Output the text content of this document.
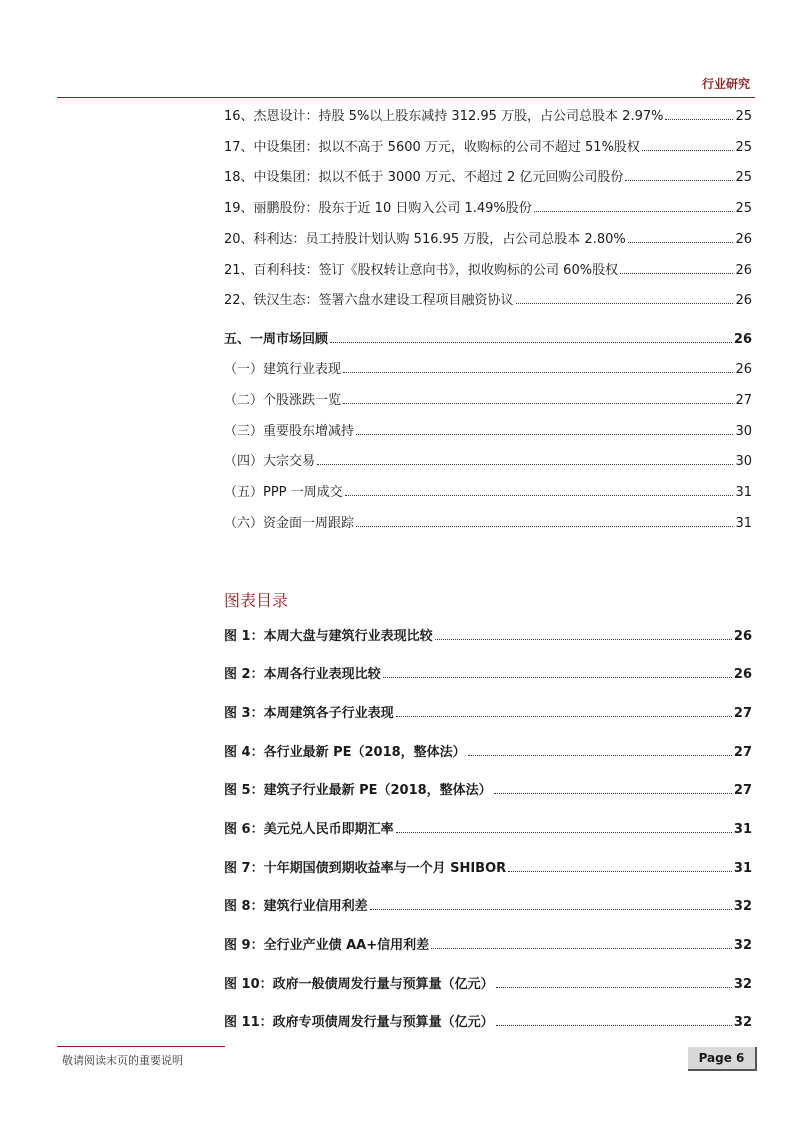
行业研究
16、杰恩设计：持股 5%以上股东减持 312.95 万股，占公司总股本 2.97%	25
17、中设集团：拟以不高于 5600 万元，收购标的公司不超过 51%股权	25
18、中设集团：拟以不低于 3000 万元、不超过 2 亿元回购公司股份	25
19、丽鹏股份：股东于近 10 日购入公司 1.49%股份	25
20、科利达：员工持股计划认购 516.95 万股，占公司总股本 2.80%	26
21、百利科技：签订《股权转让意向书》，拟收购标的公司 60%股权	26
22、铁汉生态：签署六盘水建设工程项目融资协议	26
五、一周市场回顾	26
（一）建筑行业表现	26
（二）个股涨跌一览	27
（三）重要股东增减持	30
（四）大宗交易	30
（五）PPP 一周成交	31
（六）资金面一周跟踪	31
图表目录
图 1：本周大盘与建筑行业表现比较	26
图 2：本周各行业表现比较	26
图 3：本周建筑各子行业表现	27
图 4：各行业最新 PE（2018，整体法）	27
图 5：建筑子行业最新 PE（2018，整体法）	27
图 6：美元兑人民币即期汇率	31
图 7：十年期国债到期收益率与一个月 SHIBOR	31
图 8：建筑行业信用利差	32
图 9：全行业产业债 AA+信用利差	32
图 10：政府一般债周发行量与预算量（亿元）	32
图 11：政府专项债周发行量与预算量（亿元）	32
敬请阅读末页的重要说明	Page 6
